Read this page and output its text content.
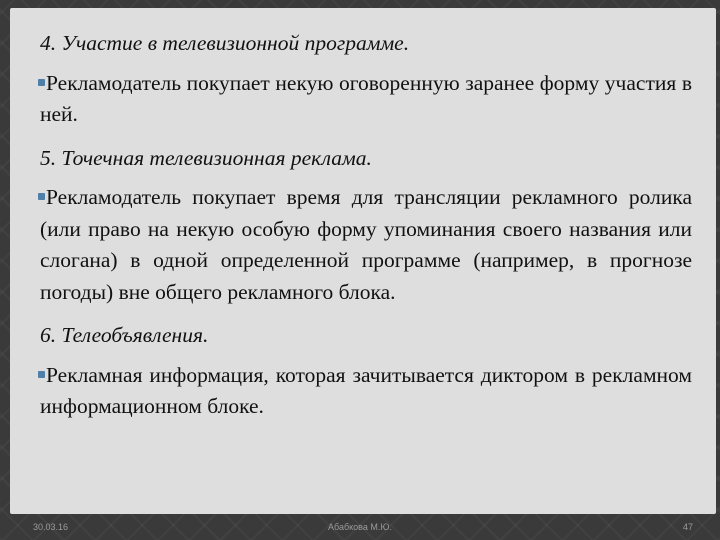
4. Участие в телевизионной программе.

Рекламодатель покупает некую оговоренную заранее форму участия в ней.

5. Точечная телевизионная реклама.

Рекламодатель покупает время для трансляции рекламного ролика (или право на некую особую форму упоминания своего названия или слогана) в одной определенной программе (например, в прогнозе погоды) вне общего рекламного блока.

6. Телеобъявления.

Рекламная информация, которая зачитывается диктором в рекламном информационном блоке.
30.03.16	Абабкова М.Ю.	47
